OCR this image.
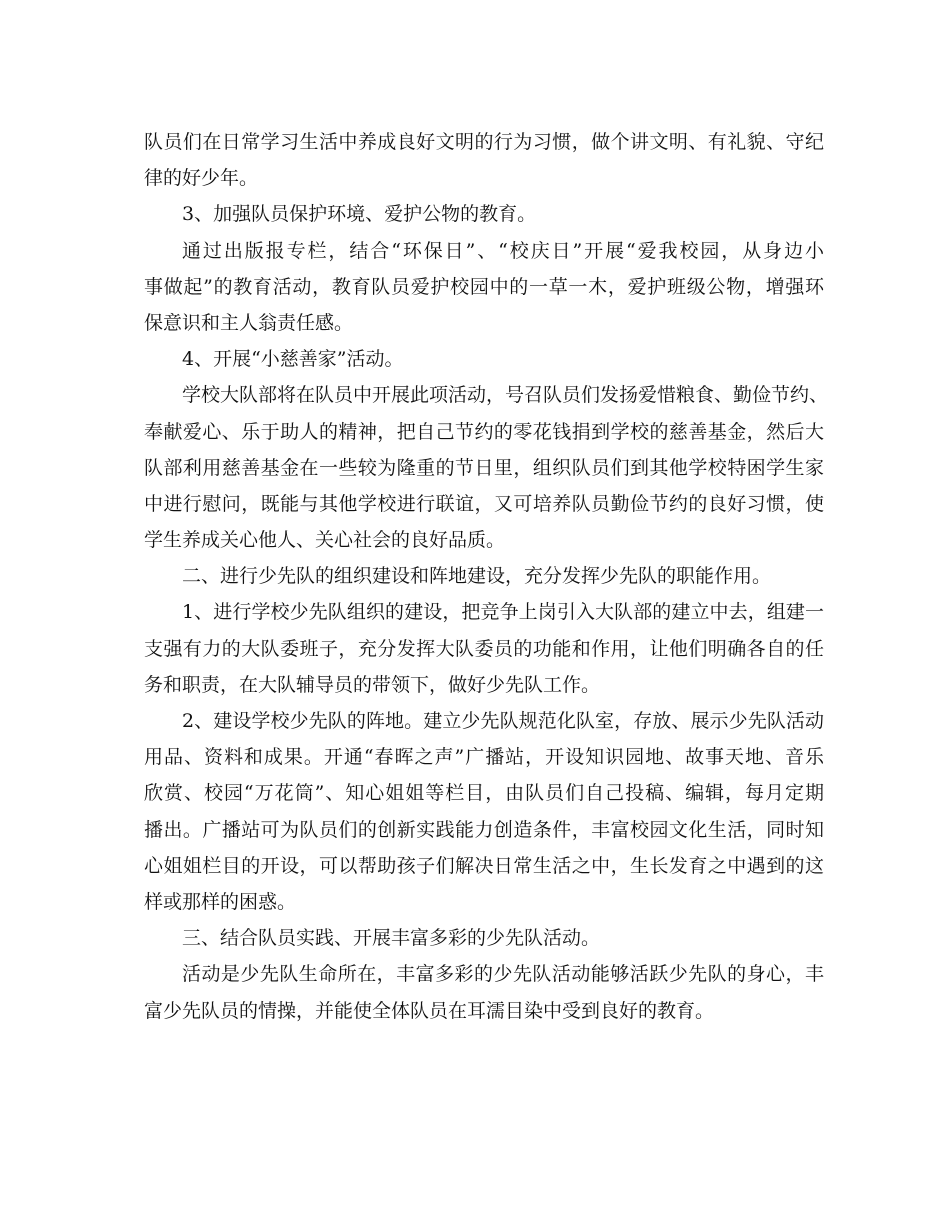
队员们在日常学习生活中养成良好文明的行为习惯，做个讲文明、有礼貌、守纪
律的好少年。
3、加强队员保护环境、爱护公物的教育。
通过出版报专栏，结合“环保日”、“校庆日”开展“爱我校园，从身边小
事做起”的教育活动，教育队员爱护校园中的一草一木，爱护班级公物，增强环
保意识和主人翁责任感。
4、开展“小慈善家”活动。
学校大队部将在队员中开展此项活动，号召队员们发扬爱惜粮食、勤俭节约、
奉献爱心、乐于助人的精神，把自己节约的零花钱捐到学校的慈善基金，然后大
队部利用慈善基金在一些较为隆重的节日里，组织队员们到其他学校特困学生家
中进行慰问，既能与其他学校进行联谊，又可培养队员勤俭节约的良好习惯，使
学生养成关心他人、关心社会的良好品质。
二、进行少先队的组织建设和阵地建设，充分发挥少先队的职能作用。
1、进行学校少先队组织的建设，把竞争上岗引入大队部的建立中去，组建一
支强有力的大队委班子，充分发挥大队委员的功能和作用，让他们明确各自的任
务和职责，在大队辅导员的带领下，做好少先队工作。
2、建设学校少先队的阵地。建立少先队规范化队室，存放、展示少先队活动
用品、资料和成果。开通“春晖之声”广播站，开设知识园地、故事天地、音乐
欣赏、校园“万花筒”、知心姐姐等栏目，由队员们自己投稿、编辑，每月定期
播出。广播站可为队员们的创新实践能力创造条件，丰富校园文化生活，同时知
心姐姐栏目的开设，可以帮助孩子们解决日常生活之中，生长发育之中遇到的这
样或那样的困惑。
三、结合队员实践、开展丰富多彩的少先队活动。
活动是少先队生命所在，丰富多彩的少先队活动能够活跃少先队的身心，丰
富少先队员的情操，并能使全体队员在耳濡目染中受到良好的教育。
